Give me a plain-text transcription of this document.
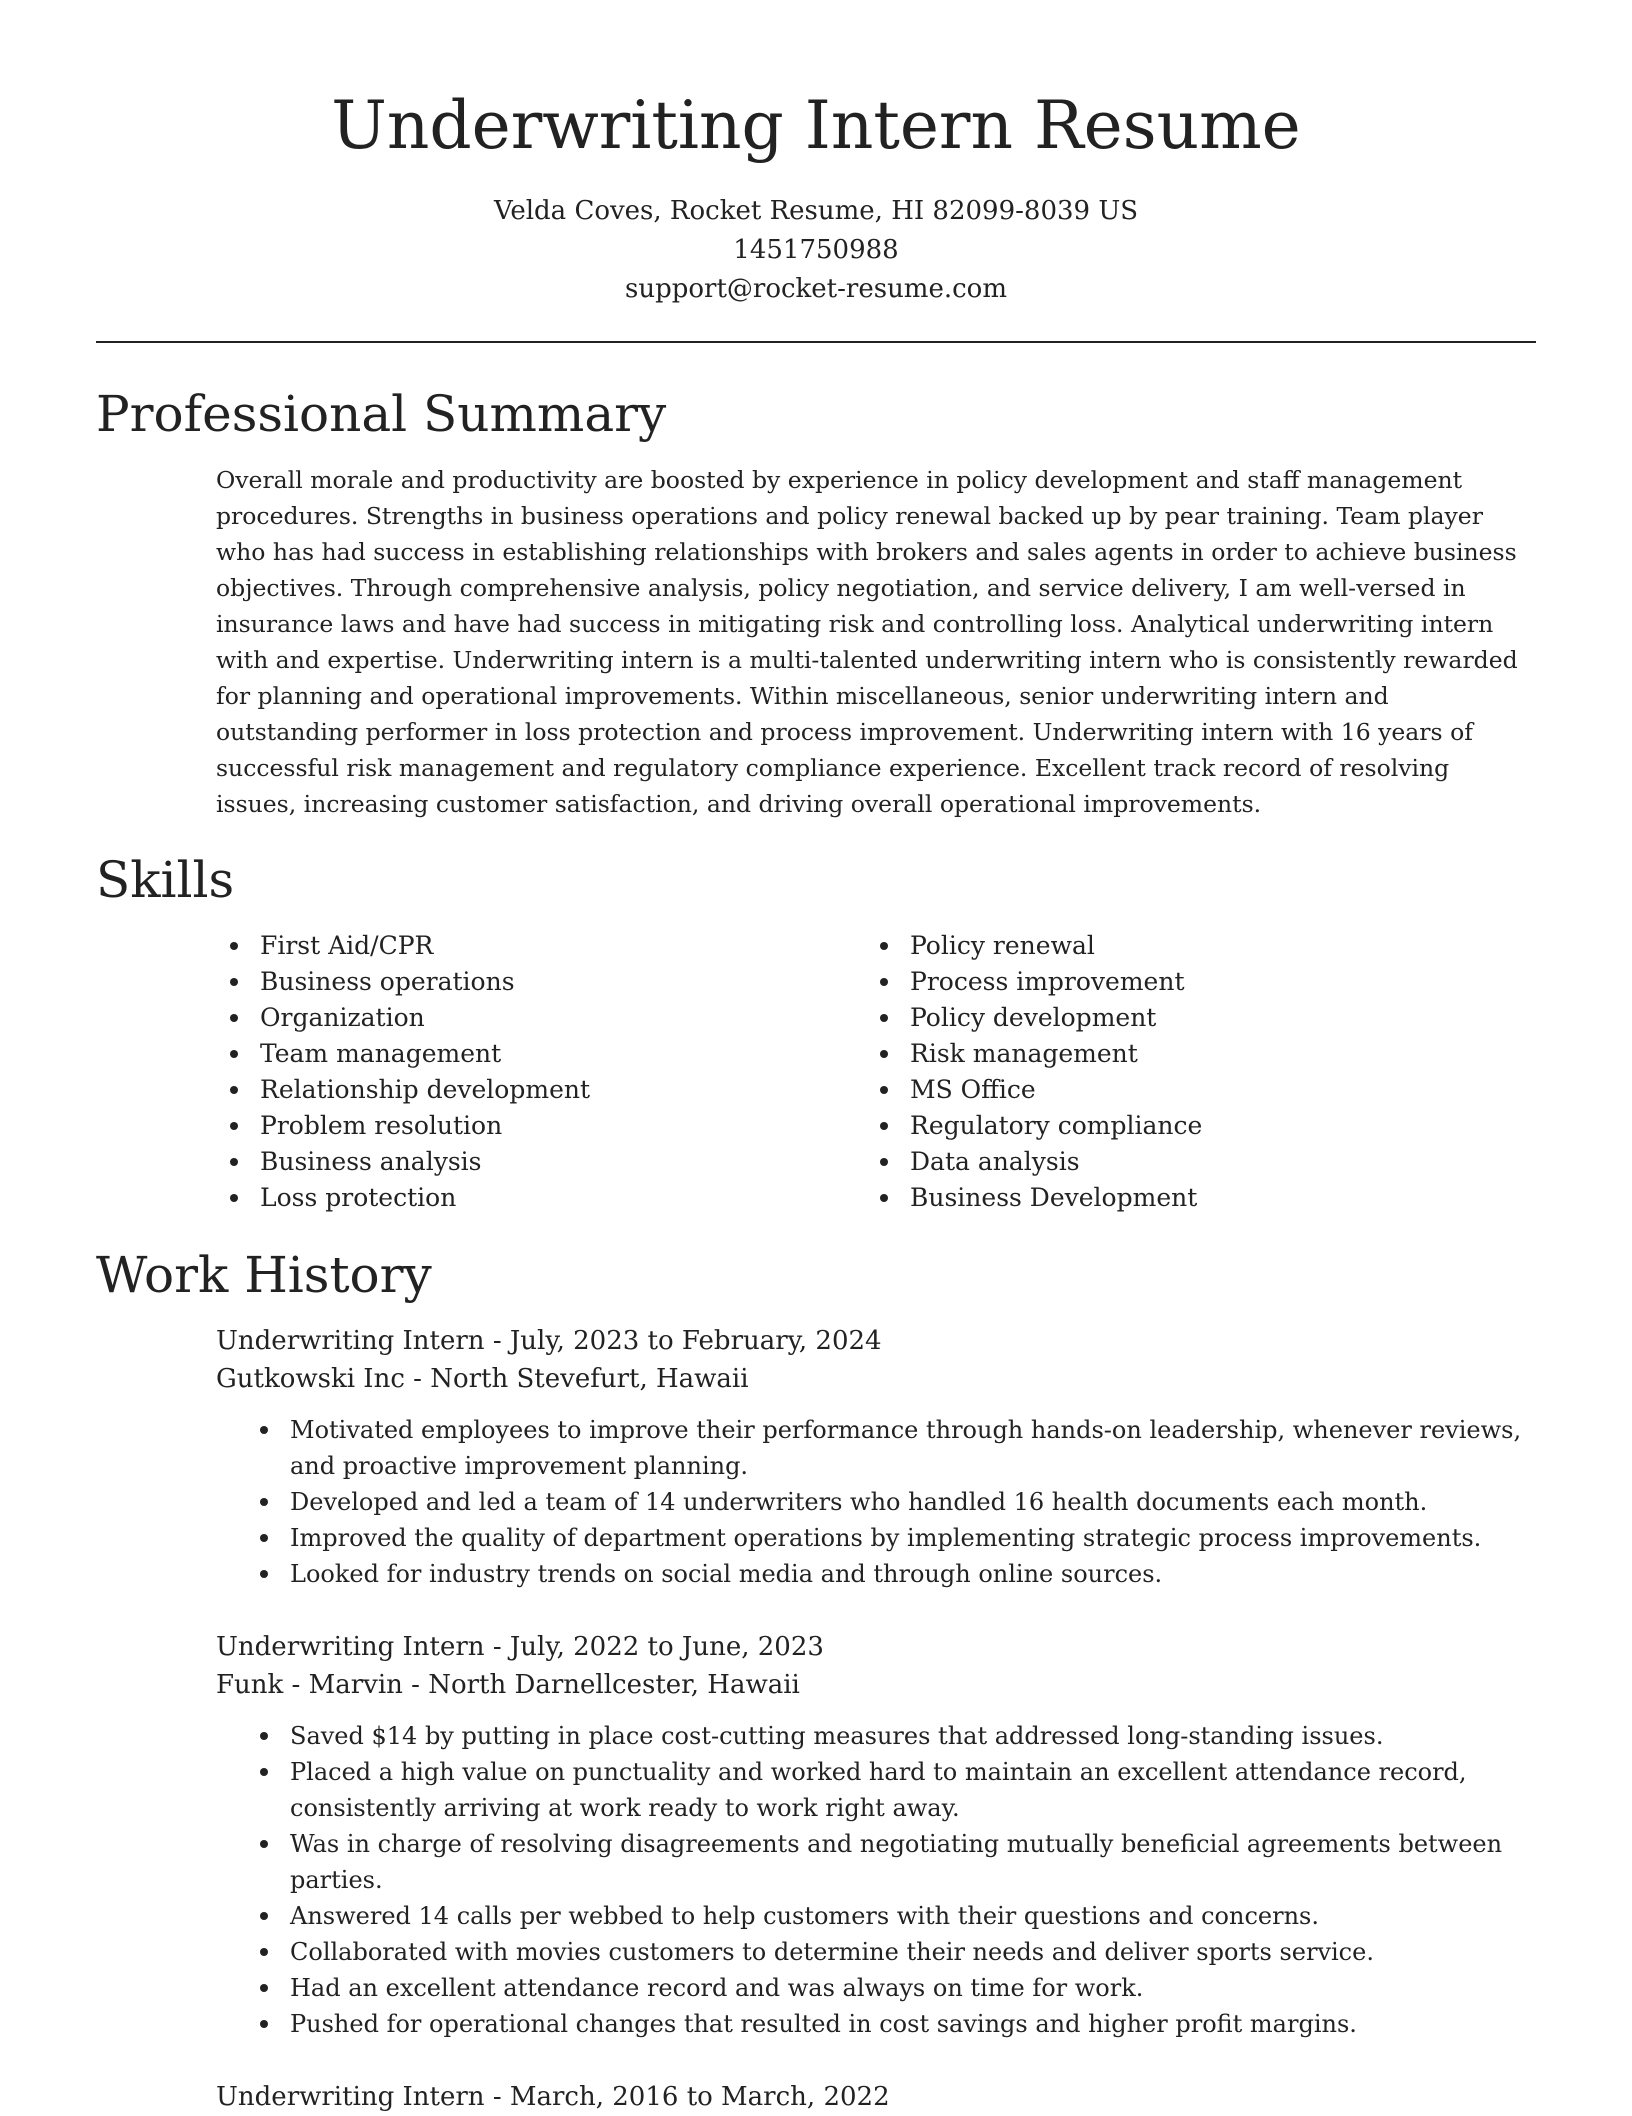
Underwriting Intern Resume
Velda Coves, Rocket Resume, HI 82099-8039 US
1451750988
support@rocket-resume.com
Professional Summary

Overall morale and productivity are boosted by experience in policy development and staff management procedures. Strengths in business operations and policy renewal backed up by pear training. Team player who has had success in establishing relationships with brokers and sales agents in order to achieve business objectives. Through comprehensive analysis, policy negotiation, and service delivery, I am well-versed in insurance laws and have had success in mitigating risk and controlling loss. Analytical underwriting intern with and expertise. Underwriting intern is a multi-talented underwriting intern who is consistently rewarded for planning and operational improvements. Within miscellaneous, senior underwriting intern and outstanding performer in loss protection and process improvement. Underwriting intern with 16 years of successful risk management and regulatory compliance experience. Excellent track record of resolving issues, increasing customer satisfaction, and driving overall operational improvements.

Skills
First Aid/CPR
Business operations
Organization
Team management
Relationship development
Problem resolution
Business analysis
Loss protection
Policy renewal
Process improvement
Policy development
Risk management
MS Office
Regulatory compliance
Data analysis
Business Development
Work History
Underwriting Intern - July, 2023 to February, 2024
Gutkowski Inc - North Stevefurt, Hawaii
Motivated employees to improve their performance through hands-on leadership, whenever reviews, and proactive improvement planning.
Developed and led a team of 14 underwriters who handled 16 health documents each month.
Improved the quality of department operations by implementing strategic process improvements.
Looked for industry trends on social media and through online sources.
Underwriting Intern - July, 2022 to June, 2023
Funk - Marvin - North Darnellcester, Hawaii
Saved $14 by putting in place cost-cutting measures that addressed long-standing issues.
Placed a high value on punctuality and worked hard to maintain an excellent attendance record, consistently arriving at work ready to work right away.
Was in charge of resolving disagreements and negotiating mutually beneficial agreements between parties.
Answered 14 calls per webbed to help customers with their questions and concerns.
Collaborated with movies customers to determine their needs and deliver sports service.
Had an excellent attendance record and was always on time for work.
Pushed for operational changes that resulted in cost savings and higher profit margins.
Underwriting Intern - March, 2016 to March, 2022
